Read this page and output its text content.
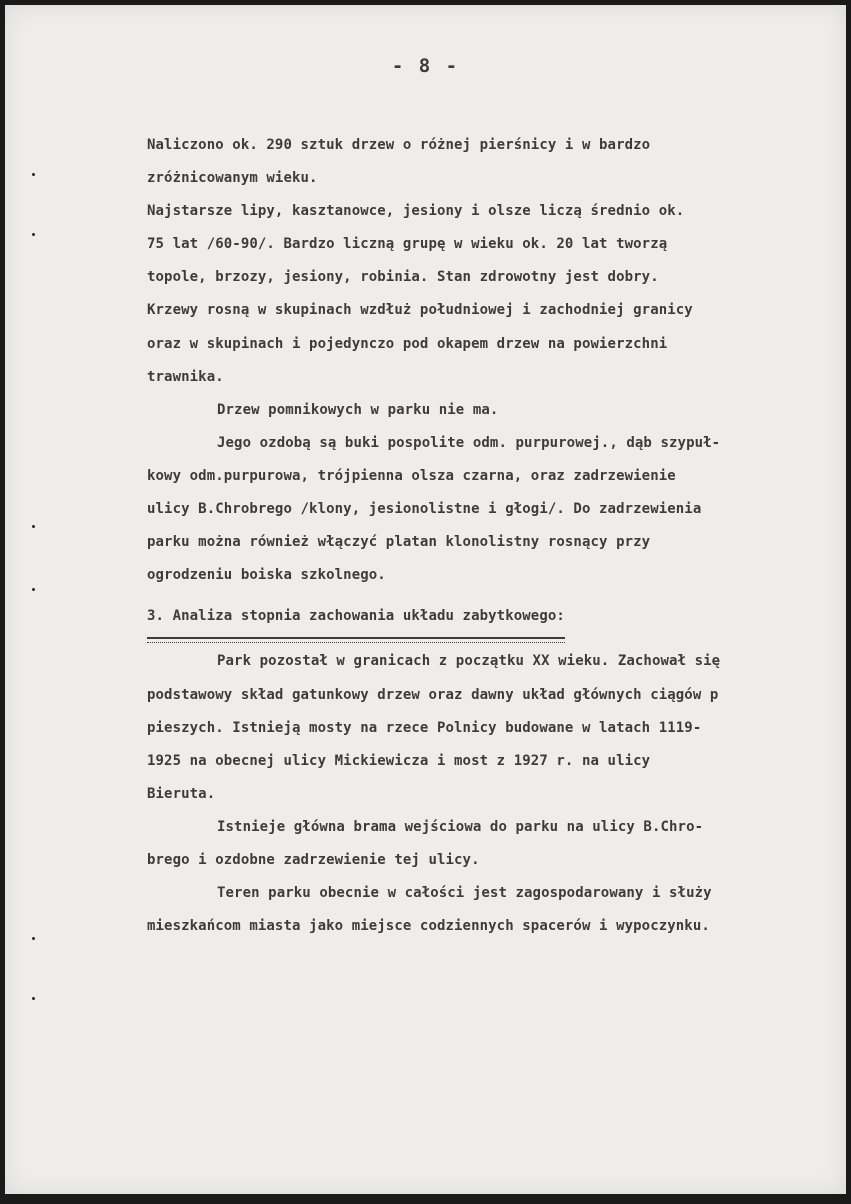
- 8 -

Naliczono ok. 290 sztuk drzew o różnej pierśnicy i w bardzo
zróżnicowanym wieku.

Najstarsze lipy, kasztanowce, jesiony i olsze liczą średnio ok.
75 lat /60-90/. Bardzo liczną grupę w wieku ok. 20 lat tworzą
topole, brzozy, jesiony, robinia. Stan zdrowotny jest dobry.
Krzewy rosną w skupinach wzdłuż południowej i zachodniej granicy
oraz w skupinach i pojedynczo pod okapem drzew na powierzchni
trawnika.

Drzew pomnikowych w parku nie ma.

Jego ozdobą są buki pospolite odm. purpurowej., dąb szypuł-
kowy odm.purpurowa, trójpienna olsza czarna, oraz zadrzewienie
ulicy B.Chrobrego /klony, jesionolistne i głogi/. Do zadrzewienia
parku można również włączyć platan klonolistny rosnący przy
ogrodzeniu boiska szkolnego.

3. Analiza stopnia zachowania układu zabytkowego:

Park pozostał w granicach z początku XX wieku. Zachował się
podstawowy skład gatunkowy drzew oraz dawny układ głównych ciągów p
pieszych. Istnieją mosty na rzece Polnicy budowane w latach 1119-
1925 na obecnej ulicy Mickiewicza i most z 1927 r. na ulicy
Bieruta.

Istnieje główna brama wejściowa do parku na ulicy B.Chro-
brego i ozdobne zadrzewienie tej ulicy.

Teren parku obecnie w całości jest zagospodarowany i służy
mieszkańcom miasta jako miejsce codziennych spacerów i wypoczynku.
